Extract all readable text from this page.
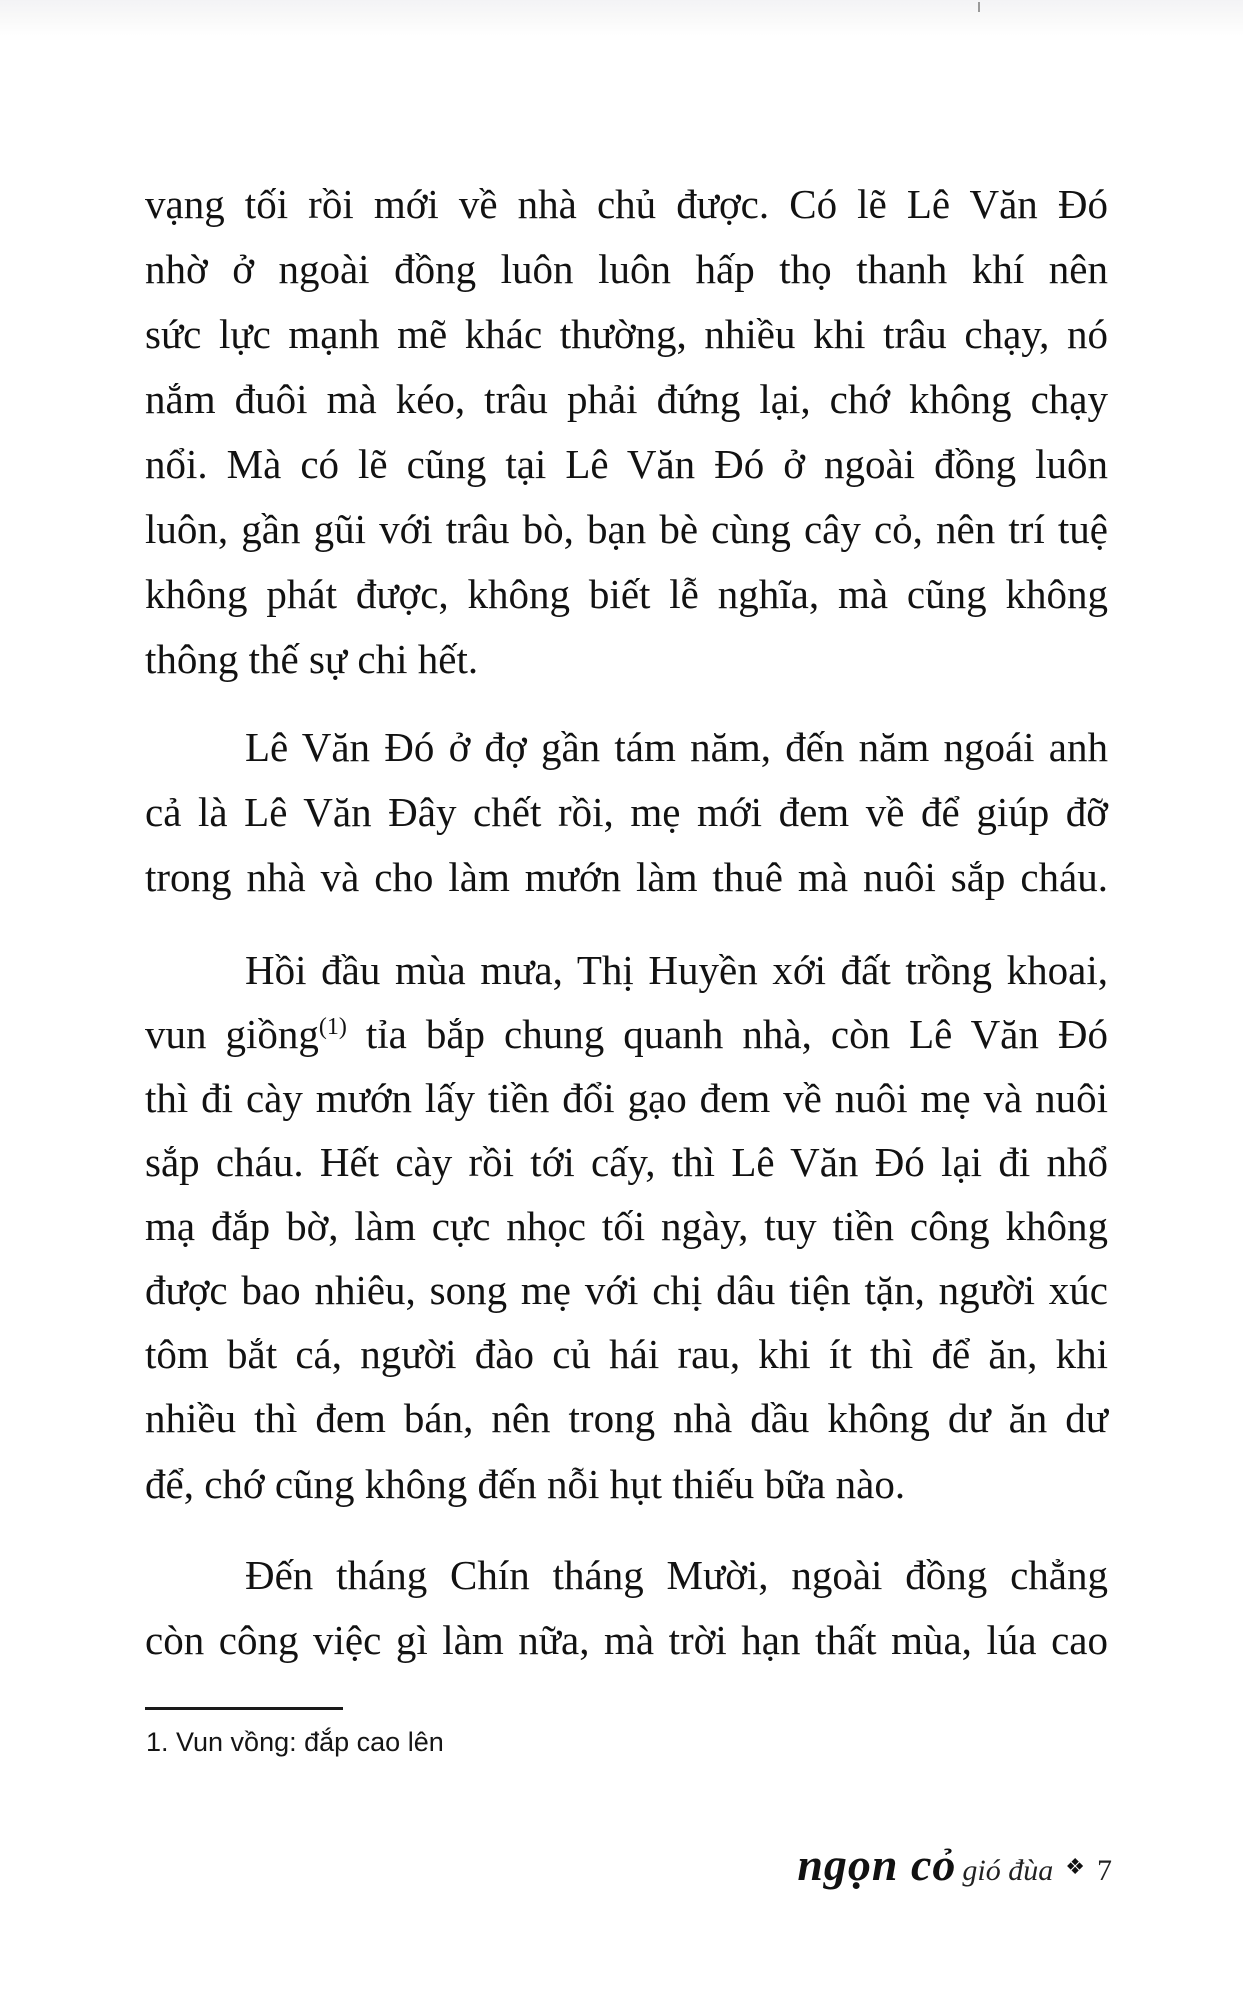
vạng tối rồi mới về nhà chủ được. Có lẽ Lê Văn Đó
nhờ ở ngoài đồng luôn luôn hấp thọ thanh khí nên
sức lực mạnh mẽ khác thường, nhiều khi trâu chạy, nó
nắm đuôi mà kéo, trâu phải đứng lại, chớ không chạy
nổi. Mà có lẽ cũng tại Lê Văn Đó ở ngoài đồng luôn
luôn, gần gũi với trâu bò, bạn bè cùng cây cỏ, nên trí tuệ
không phát được, không biết lễ nghĩa, mà cũng không
thông thế sự chi hết.
Lê Văn Đó ở đợ gần tám năm, đến năm ngoái anh
cả là Lê Văn Đây chết rồi, mẹ mới đem về để giúp đỡ
trong nhà và cho làm mướn làm thuê mà nuôi sắp cháu.
Hồi đầu mùa mưa, Thị Huyền xới đất trồng khoai,
vun giồng$^{(1)}$ tỉa bắp chung quanh nhà, còn Lê Văn Đó
thì đi cày mướn lấy tiền đổi gạo đem về nuôi mẹ và nuôi
sắp cháu. Hết cày rồi tới cấy, thì Lê Văn Đó lại đi nhổ
mạ đắp bờ, làm cực nhọc tối ngày, tuy tiền công không
được bao nhiêu, song mẹ với chị dâu tiện tặn, người xúc
tôm bắt cá, người đào củ hái rau, khi ít thì để ăn, khi
nhiều thì đem bán, nên trong nhà dầu không dư ăn dư
để, chớ cũng không đến nỗi hụt thiếu bữa nào.
Đến tháng Chín tháng Mười, ngoài đồng chẳng
còn công việc gì làm nữa, mà trời hạn thất mùa, lúa cao
1. Vun vồng: đắp cao lên
ngọn cỏ gió đùa ❖ 7
